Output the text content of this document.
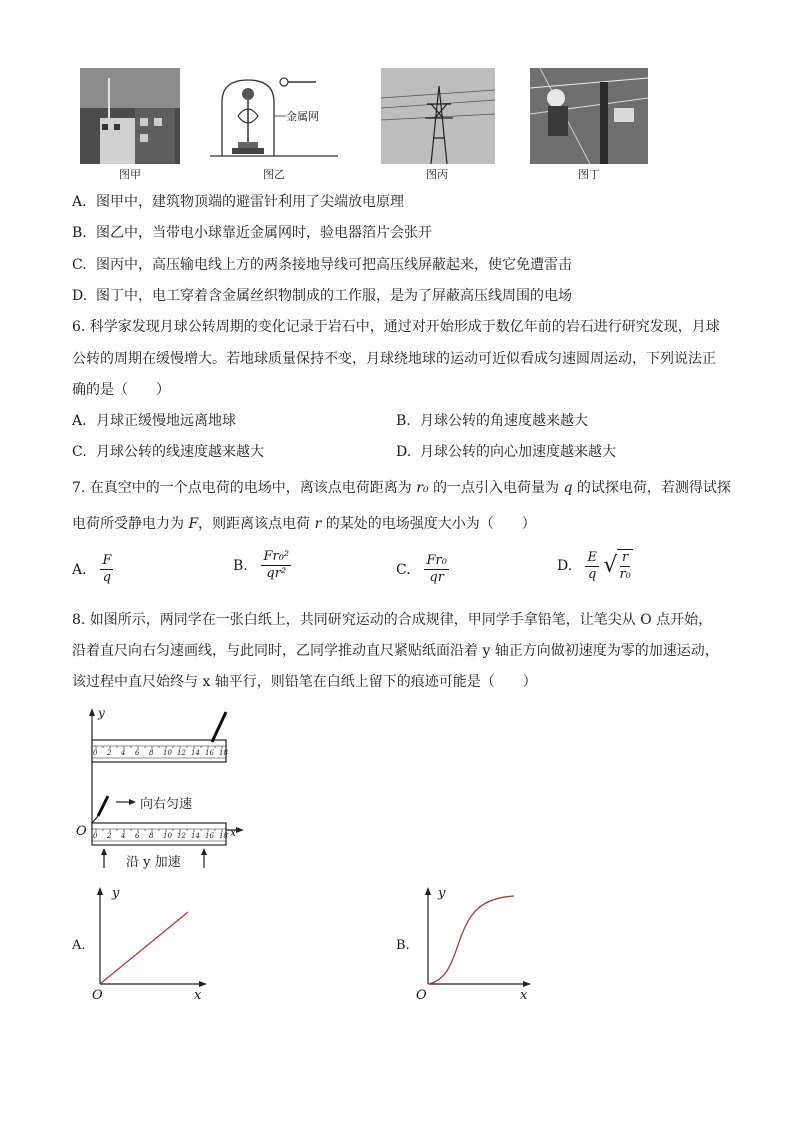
图甲
金属网
图乙	图丙	图丁
A. 图甲中，建筑物顶端的避雷针利用了尖端放电原理
B. 图乙中，当带电小球靠近金属网时，验电器箔片会张开
C. 图丙中，高压输电线上方的两条接地导线可把高压线屏蔽起来，使它免遭雷击
D. 图丁中，电工穿着含金属丝织物制成的工作服，是为了屏蔽高压线周围的电场
6. 科学家发现月球公转周期的变化记录于岩石中，通过对开始形成于数亿年前的岩石进行研究发现，月球
公转的周期在缓慢增大。若地球质量保持不变，月球绕地球的运动可近似看成匀速圆周运动，下列说法正
确的是（　　）
A. 月球正缓慢地远离地球	B. 月球公转的角速度越来越大
C. 月球公转的线速度越来越大	D. 月球公转的向心加速度越来越大
7. 在真空中的一个点电荷的电场中，离该点电荷距离为 r₀ 的一点引入电荷量为 q 的试探电荷，若测得试探
电荷所受静电力为 F，则距离该点电荷 r 的某处的电场强度大小为（　　）
A. $\frac{F}{q}$	B. $\frac{\text{Fr₀²}}{\text{qr²}}$	C. $\frac{\text{Fr₀}}{qr}$	D. $\frac{E}{q}$ √ $\frac{r}{\text{r₀}}$
8. 如图所示，两同学在一张白纸上，共同研究运动的合成规律，甲同学手拿铅笔，让笔尖从 O 点开始，
沿着直尺向右匀速画线，与此同时，乙同学推动直尺紧贴纸面沿着 y 轴正方向做初速度为零的加速运动，
该过程中直尺始终与 x 轴平行，则铅笔在白纸上留下的痕迹可能是（　　）
y
x
O
向右匀速
沿 y 加速
0 2 4 6 8 10 12 14 16 18
0 2 4 6 8 10 12 14 16 18
A.
y
x
O
B.
y
x
O
